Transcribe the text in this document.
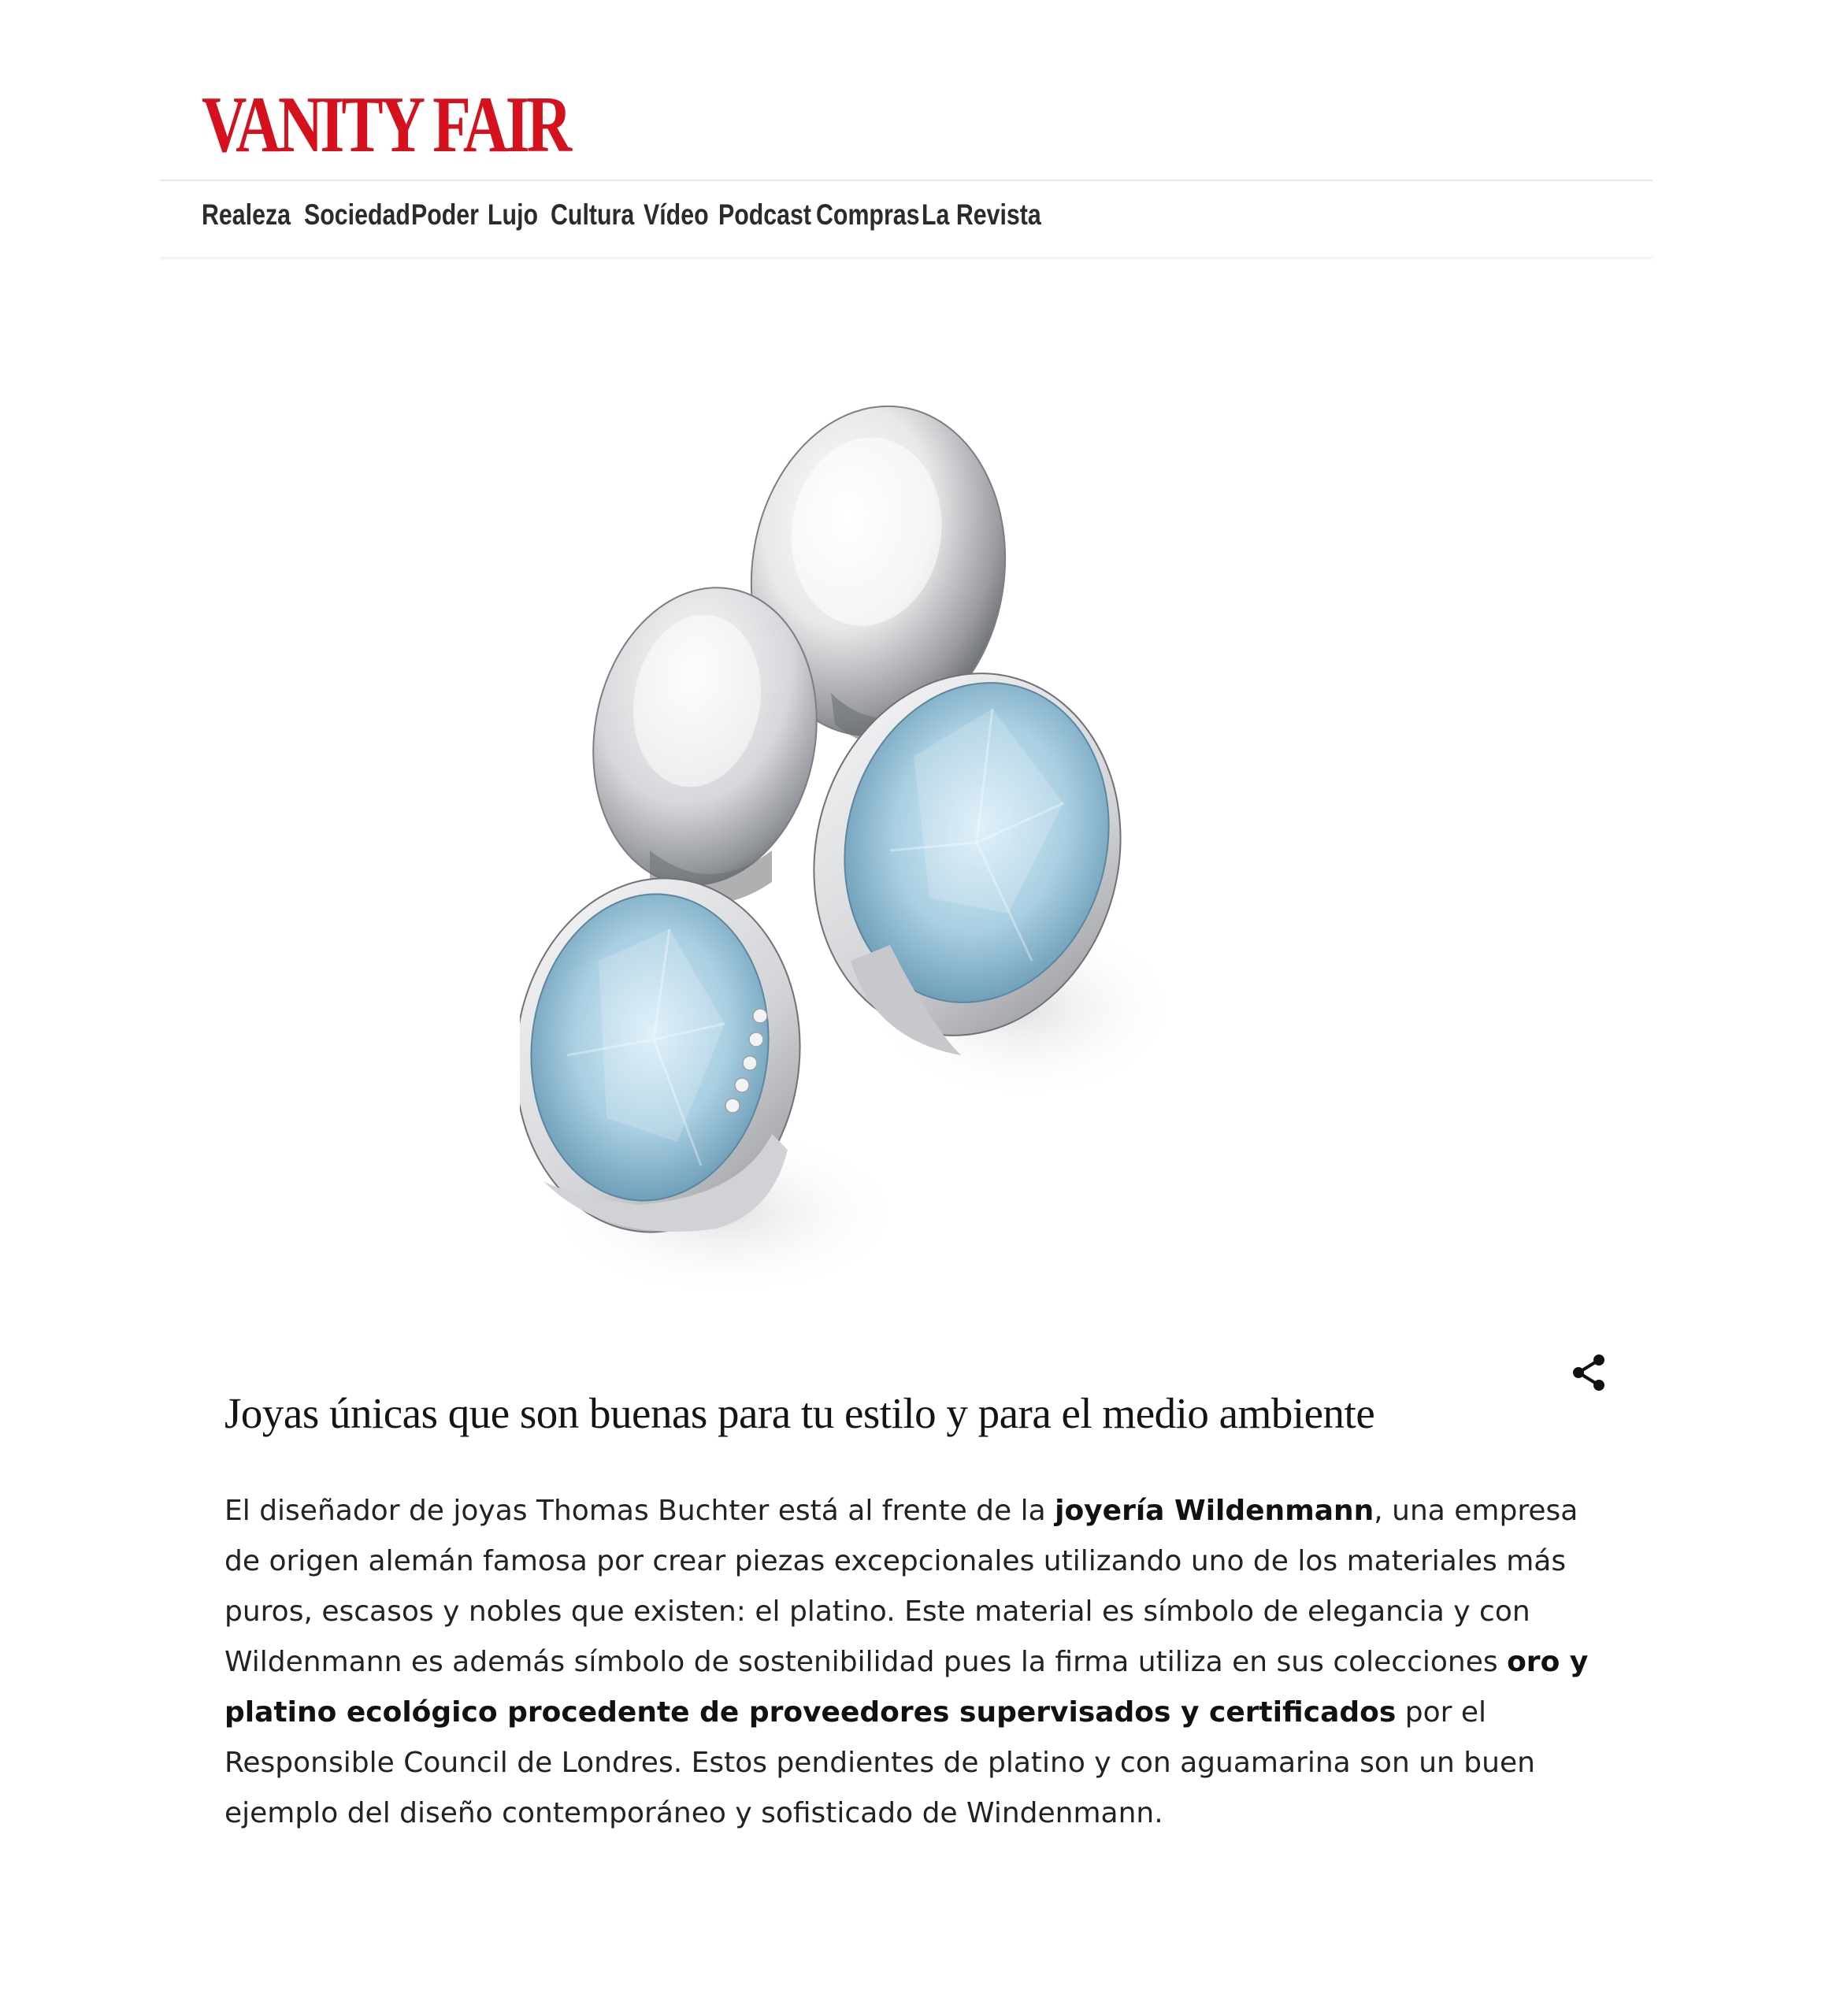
VANITY FAIR
Realeza Sociedad Poder Lujo Cultura Vídeo Podcast Compras La Revista
Joyas únicas que son buenas para tu estilo y para el medio ambiente

El diseñador de joyas Thomas Buchter está al frente de la joyería Wildenmann, una empresa de origen alemán famosa por crear piezas excepcionales utilizando uno de los materiales más puros, escasos y nobles que existen: el platino. Este material es símbolo de elegancia y con Wildenmann es además símbolo de sostenibilidad pues la firma utiliza en sus colecciones oro y platino ecológico procedente de proveedores supervisados y certificados por el Responsible Council de Londres. Estos pendientes de platino y con aguamarina son un buen ejemplo del diseño contemporáneo y sofisticado de Windenmann.
